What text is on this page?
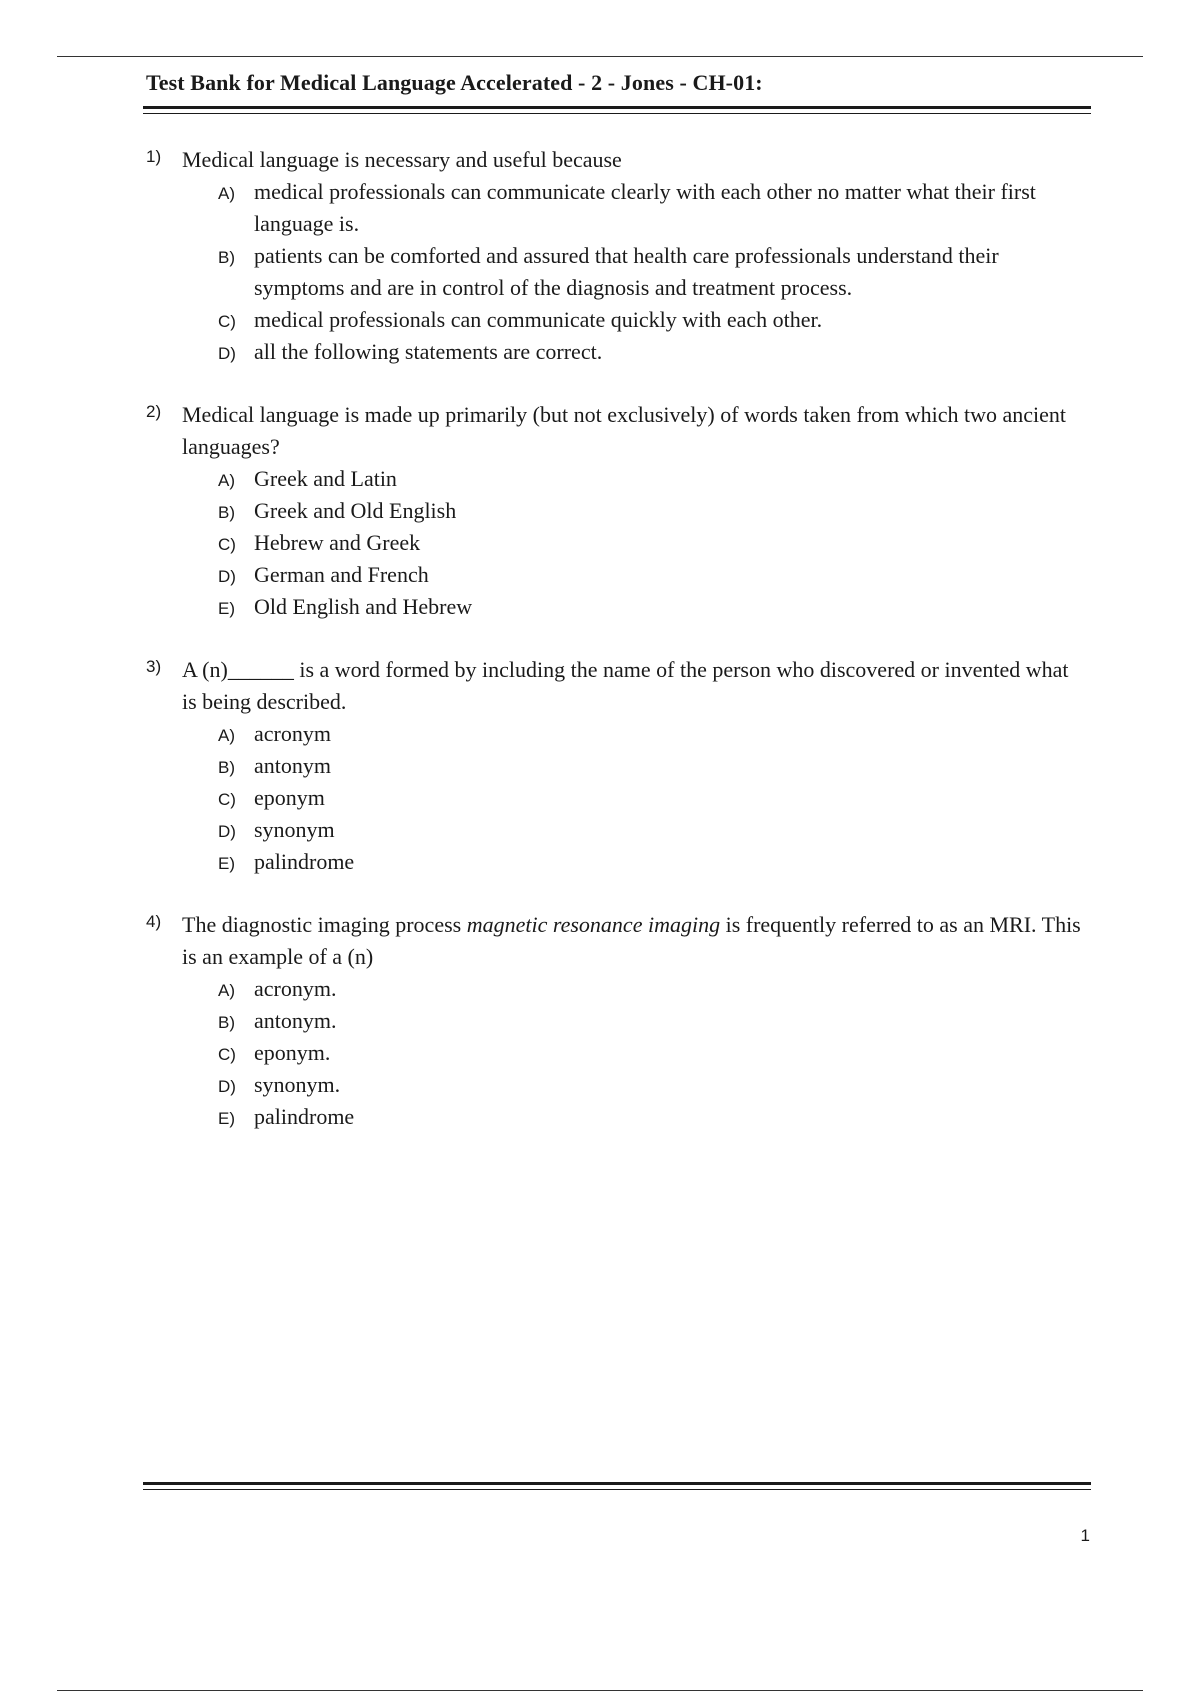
Test Bank for Medical Language Accelerated - 2 - Jones - CH-01:
1) Medical language is necessary and useful because
A) medical professionals can communicate clearly with each other no matter what their first language is.
B) patients can be comforted and assured that health care professionals understand their symptoms and are in control of the diagnosis and treatment process.
C) medical professionals can communicate quickly with each other.
D) all the following statements are correct.
2) Medical language is made up primarily (but not exclusively) of words taken from which two ancient languages?
A) Greek and Latin
B) Greek and Old English
C) Hebrew and Greek
D) German and French
E) Old English and Hebrew
3) A (n)______ is a word formed by including the name of the person who discovered or invented what is being described.
A) acronym
B) antonym
C) eponym
D) synonym
E) palindrome
4) The diagnostic imaging process magnetic resonance imaging is frequently referred to as an MRI. This is an example of a (n)
A) acronym.
B) antonym.
C) eponym.
D) synonym.
E) palindrome
1
